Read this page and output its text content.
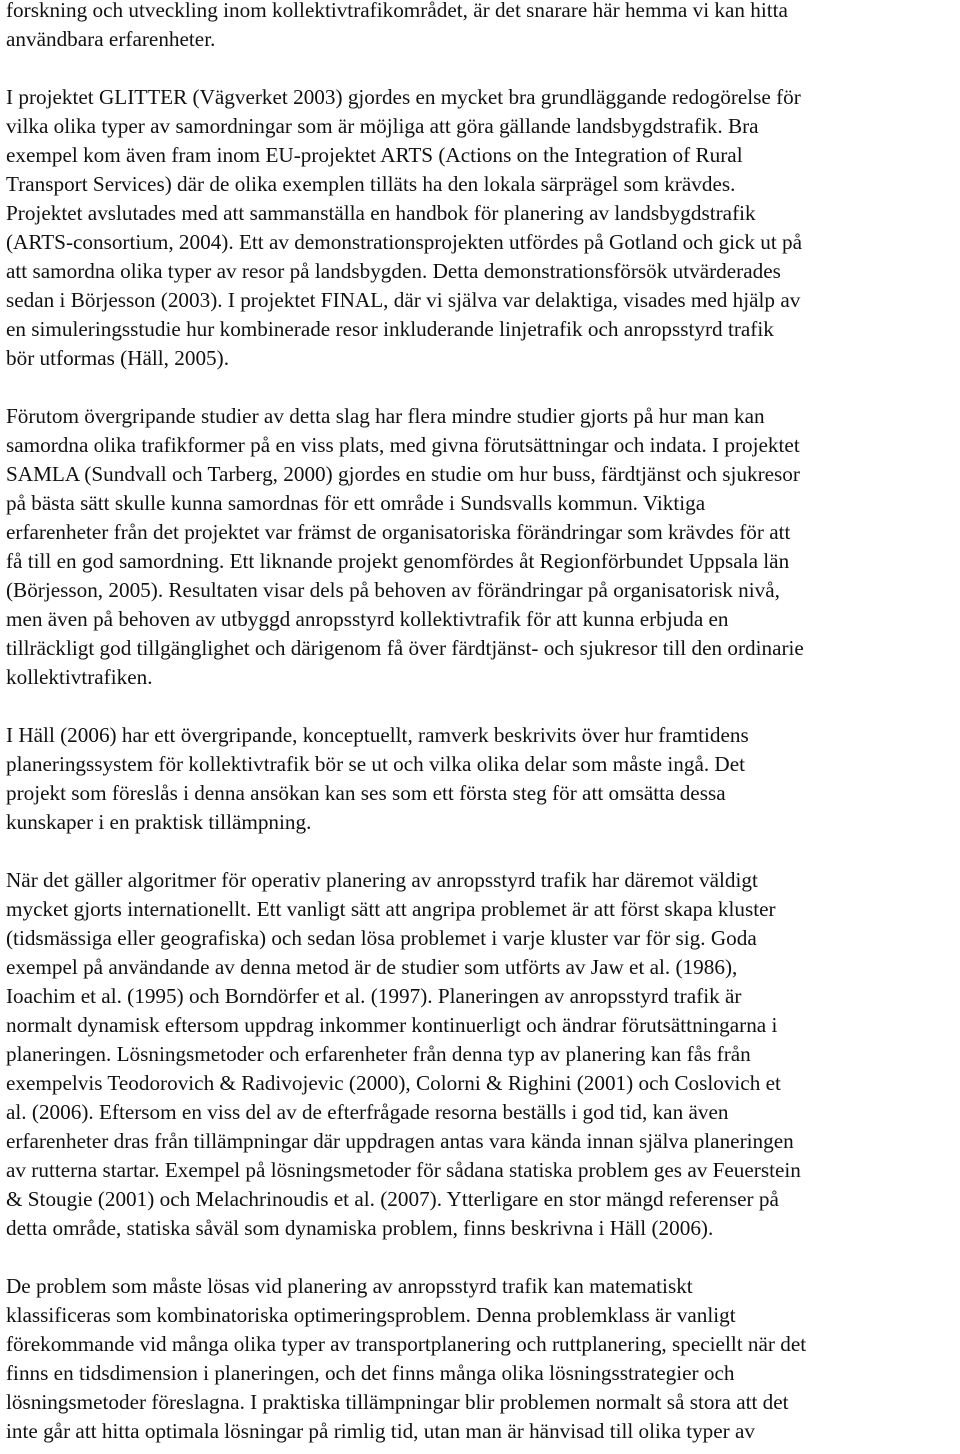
forskning och utveckling inom kollektivtrafikområdet, är det snarare här hemma vi kan hitta
användbara erfarenheter.
I projektet GLITTER (Vägverket 2003) gjordes en mycket bra grundläggande redogörelse för
vilka olika typer av samordningar som är möjliga att göra gällande landsbygdstrafik. Bra
exempel kom även fram inom EU-projektet ARTS (Actions on the Integration of Rural
Transport Services) där de olika exemplen tilläts ha den lokala särprägel som krävdes.
Projektet avslutades med att sammanställa en handbok för planering av landsbygdstrafik
(ARTS-consortium, 2004). Ett av demonstrationsprojekten utfördes på Gotland och gick ut på
att samordna olika typer av resor på landsbygden. Detta demonstrationsförsök utvärderades
sedan i Börjesson (2003). I projektet FINAL, där vi själva var delaktiga, visades med hjälp av
en simuleringsstudie hur kombinerade resor inkluderande linjetrafik och anropsstyrd trafik
bör utformas (Häll, 2005).
Förutom övergripande studier av detta slag har flera mindre studier gjorts på hur man kan
samordna olika trafikformer på en viss plats, med givna förutsättningar och indata. I projektet
SAMLA (Sundvall och Tarberg, 2000) gjordes en studie om hur buss, färdtjänst och sjukresor
på bästa sätt skulle kunna samordnas för ett område i Sundsvalls kommun. Viktiga
erfarenheter från det projektet var främst de organisatoriska förändringar som krävdes för att
få till en god samordning. Ett liknande projekt genomfördes åt Regionförbundet Uppsala län
(Börjesson, 2005). Resultaten visar dels på behoven av förändringar på organisatorisk nivå,
men även på behoven av utbyggd anropsstyrd kollektivtrafik för att kunna erbjuda en
tillräckligt god tillgänglighet och därigenom få över färdtjänst- och sjukresor till den ordinarie
kollektivtrafiken.
I Häll (2006) har ett övergripande, konceptuellt, ramverk beskrivits över hur framtidens
planeringssystem för kollektivtrafik bör se ut och vilka olika delar som måste ingå. Det
projekt som föreslås i denna ansökan kan ses som ett första steg för att omsätta dessa
kunskaper i en praktisk tillämpning.
När det gäller algoritmer för operativ planering av anropsstyrd trafik har däremot väldigt
mycket gjorts internationellt. Ett vanligt sätt att angripa problemet är att först skapa kluster
(tidsmässiga eller geografiska) och sedan lösa problemet i varje kluster var för sig. Goda
exempel på användande av denna metod är de studier som utförts av Jaw et al. (1986),
Ioachim et al. (1995) och Borndörfer et al. (1997). Planeringen av anropsstyrd trafik är
normalt dynamisk eftersom uppdrag inkommer kontinuerligt och ändrar förutsättningarna i
planeringen. Lösningsmetoder och erfarenheter från denna typ av planering kan fås från
exempelvis Teodorovich & Radivojevic (2000), Colorni & Righini (2001) och Coslovich et
al. (2006). Eftersom en viss del av de efterfrågade resorna beställs i god tid, kan även
erfarenheter dras från tillämpningar där uppdragen antas vara kända innan själva planeringen
av rutterna startar. Exempel på lösningsmetoder för sådana statiska problem ges av Feuerstein
& Stougie (2001) och Melachrinoudis et al. (2007). Ytterligare en stor mängd referenser på
detta område, statiska såväl som dynamiska problem, finns beskrivna i Häll (2006).
De problem som måste lösas vid planering av anropsstyrd trafik kan matematiskt
klassificeras som kombinatoriska optimeringsproblem. Denna problemklass är vanligt
förekommande vid många olika typer av transportplanering och ruttplanering, speciellt när det
finns en tidsdimension i planeringen, och det finns många olika lösningsstrategier och
lösningsmetoder föreslagna. I praktiska tillämpningar blir problemen normalt så stora att det
inte går att hitta optimala lösningar på rimlig tid, utan man är hänvisad till olika typer av
